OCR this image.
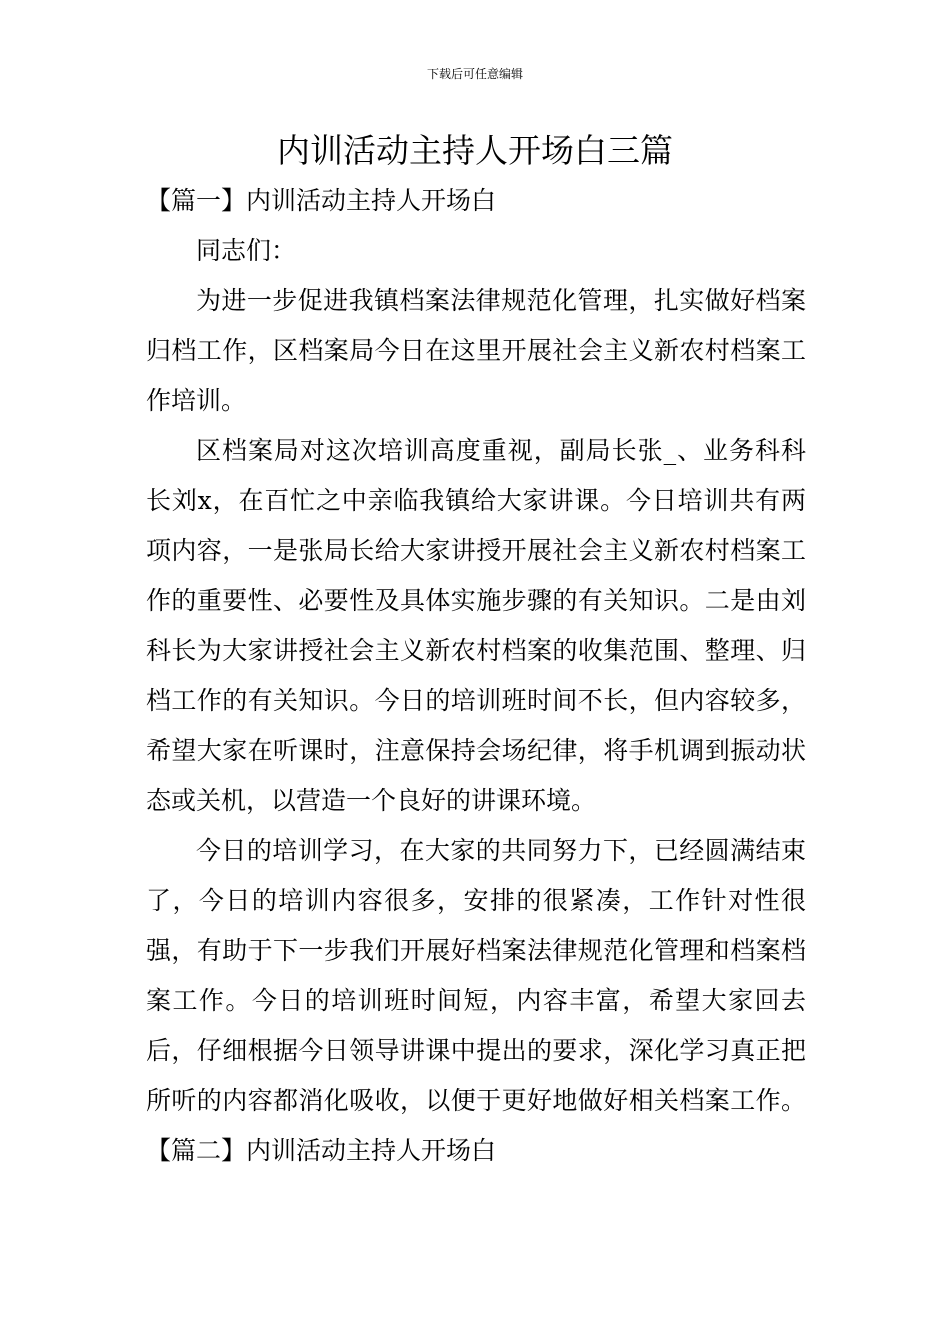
下载后可任意编辑
内训活动主持人开场白三篇

【篇一】内训活动主持人开场白

同志们：

为进一步促进我镇档案法律规范化管理，扎实做好档案归档工作，区档案局今日在这里开展社会主义新农村档案工作培训。

区档案局对这次培训高度重视，副局长张_、业务科科长刘x，在百忙之中亲临我镇给大家讲课。今日培训共有两项内容，一是张局长给大家讲授开展社会主义新农村档案工作的重要性、必要性及具体实施步骤的有关知识。二是由刘科长为大家讲授社会主义新农村档案的收集范围、整理、归档工作的有关知识。今日的培训班时间不长，但内容较多，希望大家在听课时，注意保持会场纪律，将手机调到振动状态或关机，以营造一个良好的讲课环境。

今日的培训学习，在大家的共同努力下，已经圆满结束了，今日的培训内容很多，安排的很紧凑，工作针对性很强，有助于下一步我们开展好档案法律规范化管理和档案档案工作。今日的培训班时间短，内容丰富，希望大家回去后，仔细根据今日领导讲课中提出的要求，深化学习真正把所听的内容都消化吸收，以便于更好地做好相关档案工作。【篇二】内训活动主持人开场白
